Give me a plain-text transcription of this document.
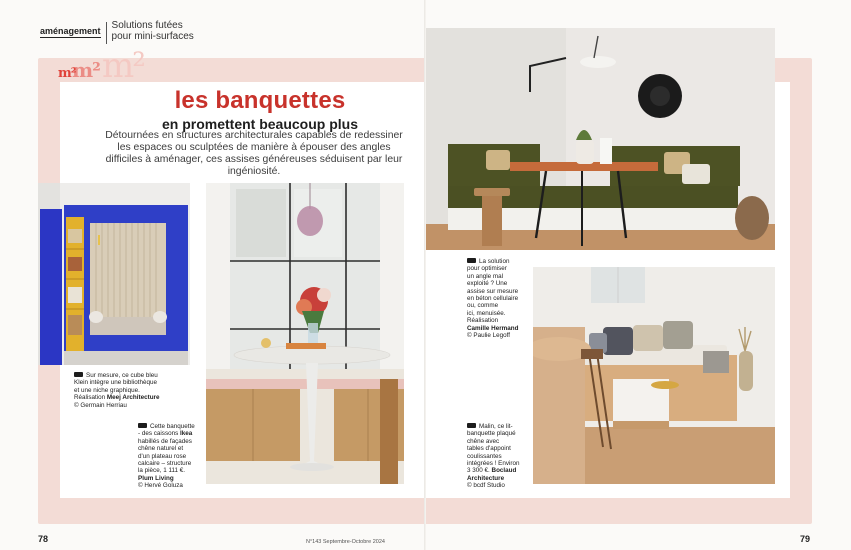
aménagement Solutions futées
pour mini-surfaces
m²
m²
m²
les banquettes
en promettent beaucoup plus

Détournées en structures architecturales capables de redessiner les espaces ou sculptées de manière à épouser des angles difficiles à aménager, ces assises généreuses séduisent par leur ingéniosité.

Sur mesure, ce cube bleu
Klein intègre une bibliothèque
et une niche graphique.
Réalisation Meej Architecture
© Germain Herriau
Cette banquette
- des caissons Ikea
habillés de façades
chêne naturel et
d'un plateau rose
calcaire – structure
la pièce, 1 111 €.
Plum Living
© Hervé Goluza
La solution
pour optimiser
un angle mal
exploité ? Une
assise sur mesure
en béton cellulaire
ou, comme
ici, menuisée.
Réalisation
Camille Hermand
© Paulie Legoff
Malin, ce lit-
banquette plaqué
chêne avec
tables d'appoint
coulissantes
intégrées ! Environ
3 300 €. Boclaud
Architecture
© bcdf Studio
78	N°143 Septembre-Octobre 2024	79
